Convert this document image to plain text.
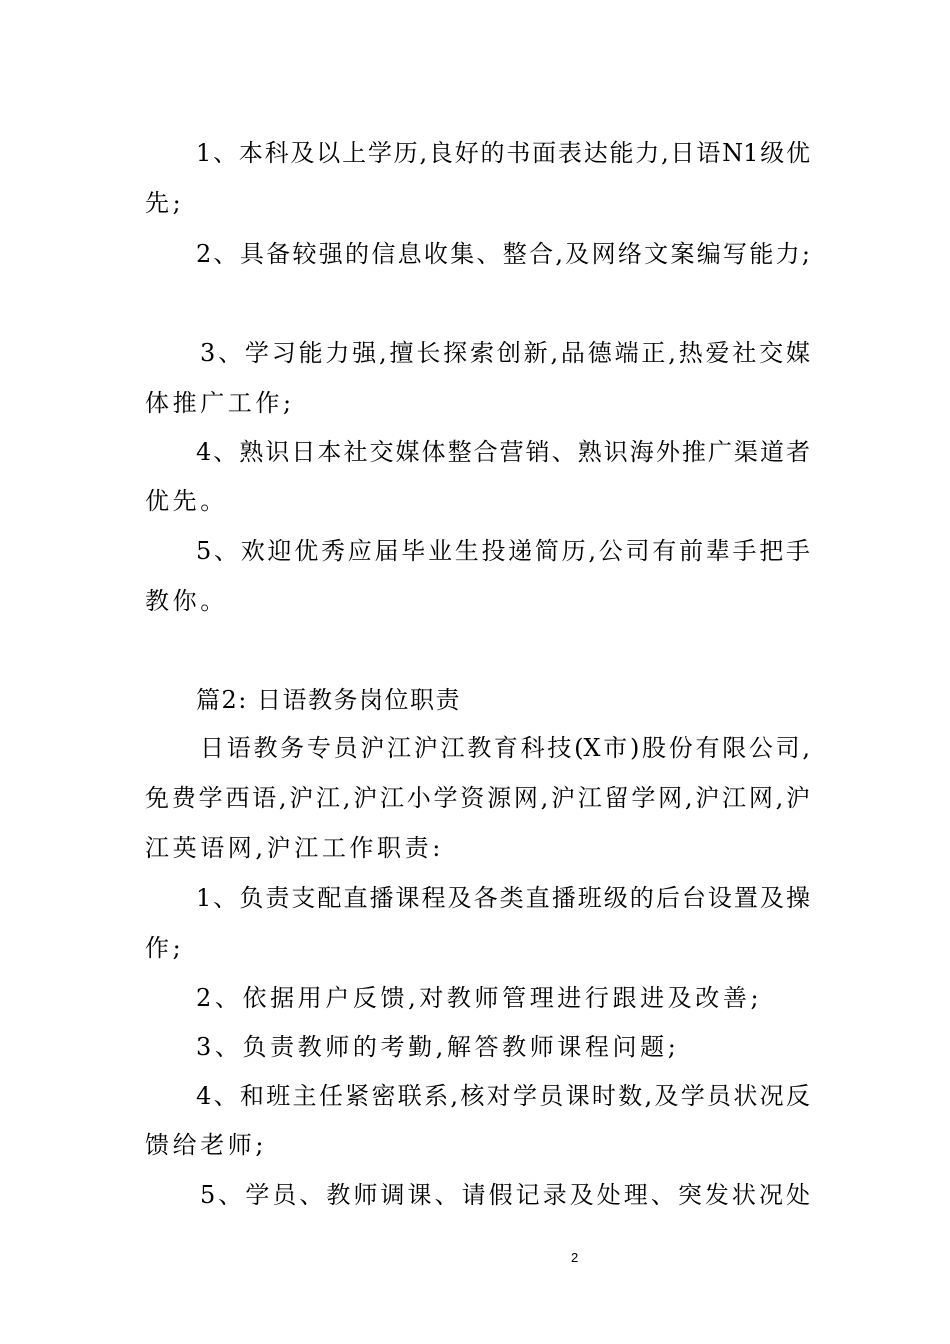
1、本科及以上学历,良好的书面表达能力,日语N1级优
先;
2、具备较强的信息收集、整合,及网络文案编写能力;
3、学习能力强,擅长探索创新,品德端正,热爱社交媒
体推广工作;
4、熟识日本社交媒体整合营销、熟识海外推广渠道者
优先。
5、欢迎优秀应届毕业生投递简历,公司有前辈手把手
教你。
篇2: 日语教务岗位职责
日语教务专员沪江沪江教育科技(X市)股份有限公司,
免费学西语,沪江,沪江小学资源网,沪江留学网,沪江网,沪
江英语网,沪江工作职责:
1、负责支配直播课程及各类直播班级的后台设置及操
作;
2、依据用户反馈,对教师管理进行跟进及改善;
3、负责教师的考勤,解答教师课程问题;
4、和班主任紧密联系,核对学员课时数,及学员状况反
馈给老师;
5、学员、教师调课、请假记录及处理、突发状况处
2
